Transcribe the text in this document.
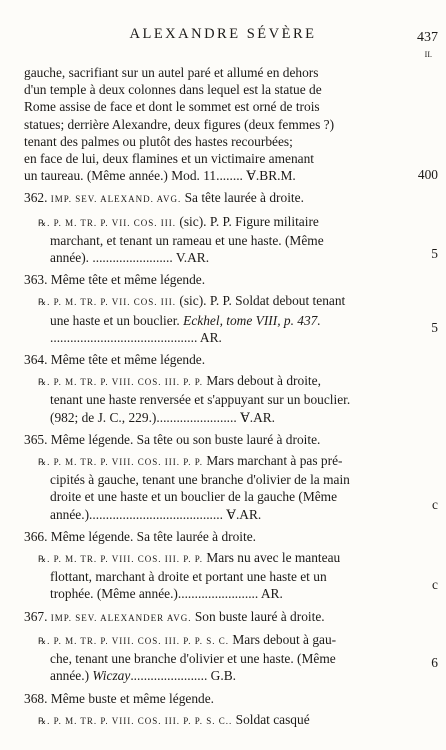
ALEXANDRE SÉVÈRE	437
II.
gauche, sacrifiant sur un autel paré et allumé en dehors
d'un temple à deux colonnes dans lequel est la statue de
Rome assise de face et dont le sommet est orné de trois
statues; derrière Alexandre, deux figures (deux femmes ?)
tenant des palmes ou plutôt des hastes recourbées;
en face de lui, deux flamines et un victimaire amenant
un taureau. (Même année.) Mod. 11........ Ɐ.BR.M.
362. IMP. SEV. ALEXAND. AVG. Sa tête laurée à droite.
℞. P. M. TR. P. VII. COS. III. (sic). P. P. Figure militaire
marchant, et tenant un rameau et une haste. (Même
année). ........................ V.AR.
363. Même tête et même légende.
℞. P. M. TR. P. VII. COS. III. (sic). P. P. Soldat debout tenant
une haste et un bouclier. Eckhel, tome VIII, p. 437.
............................................ AR.
364. Même tête et même légende.
℞. P. M. TR. P. VIII. COS. III. P. P. Mars debout à droite,
tenant une haste renversée et s'appuyant sur un bouclier.
(982; de J. C., 229.)........................ Ɐ.AR.
365. Même légende. Sa tête ou son buste lauré à droite.
℞. P. M. TR. P. VIII. COS. III. P. P. Mars marchant à pas pré-
cipités à gauche, tenant une branche d'olivier de la main
droite et une haste et un bouclier de la gauche (Même
année.)........................................ Ɐ.AR.
366. Même légende. Sa tête laurée à droite.
℞. P. M. TR. P. VIII. COS. III. P. P. Mars nu avec le manteau
flottant, marchant à droite et portant une haste et un
trophée. (Même année.)........................ AR.
367. IMP. SEV. ALEXANDER AVG. Son buste lauré à droite.
℞. P. M. TR. P. VIII. COS. III. P. P. S. C. Mars debout à gau-
che, tenant une branche d'olivier et une haste. (Même
année.) Wiczay....................... G.B.
368. Même buste et même légende.
℞. P. M. TR. P. VIII. COS. III. P. P. S. C.. Soldat casqué
400
5
5
c
c
6
